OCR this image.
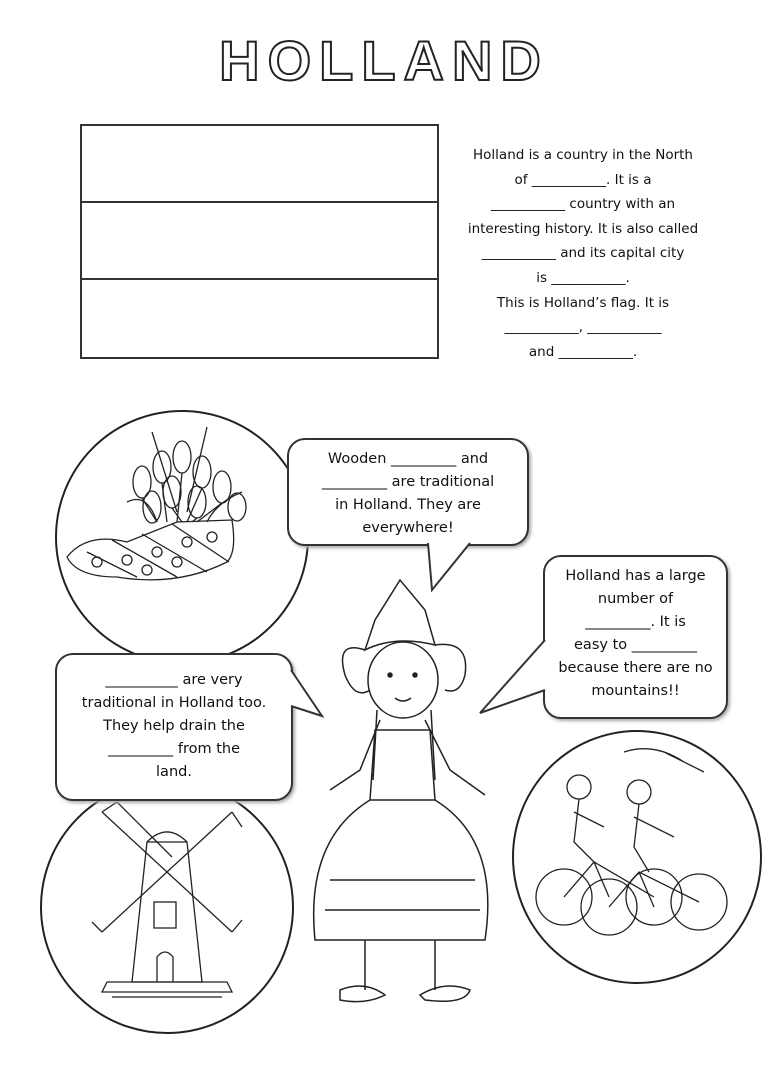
HOLLAND
Holland is a country in the North
of ___________. It is a
___________ country with an
interesting history. It is also called
___________ and its capital city
is ___________.
This is Holland’s flag. It is
___________, ___________
and ___________.
Wooden _________ and
_________ are traditional
in Holland. They are
everywhere!
Holland has a large
number of
_________. It is
easy to _________
because there are no
mountains!!
__________ are very
traditional in Holland too.
They help drain the
_________ from the
land.
